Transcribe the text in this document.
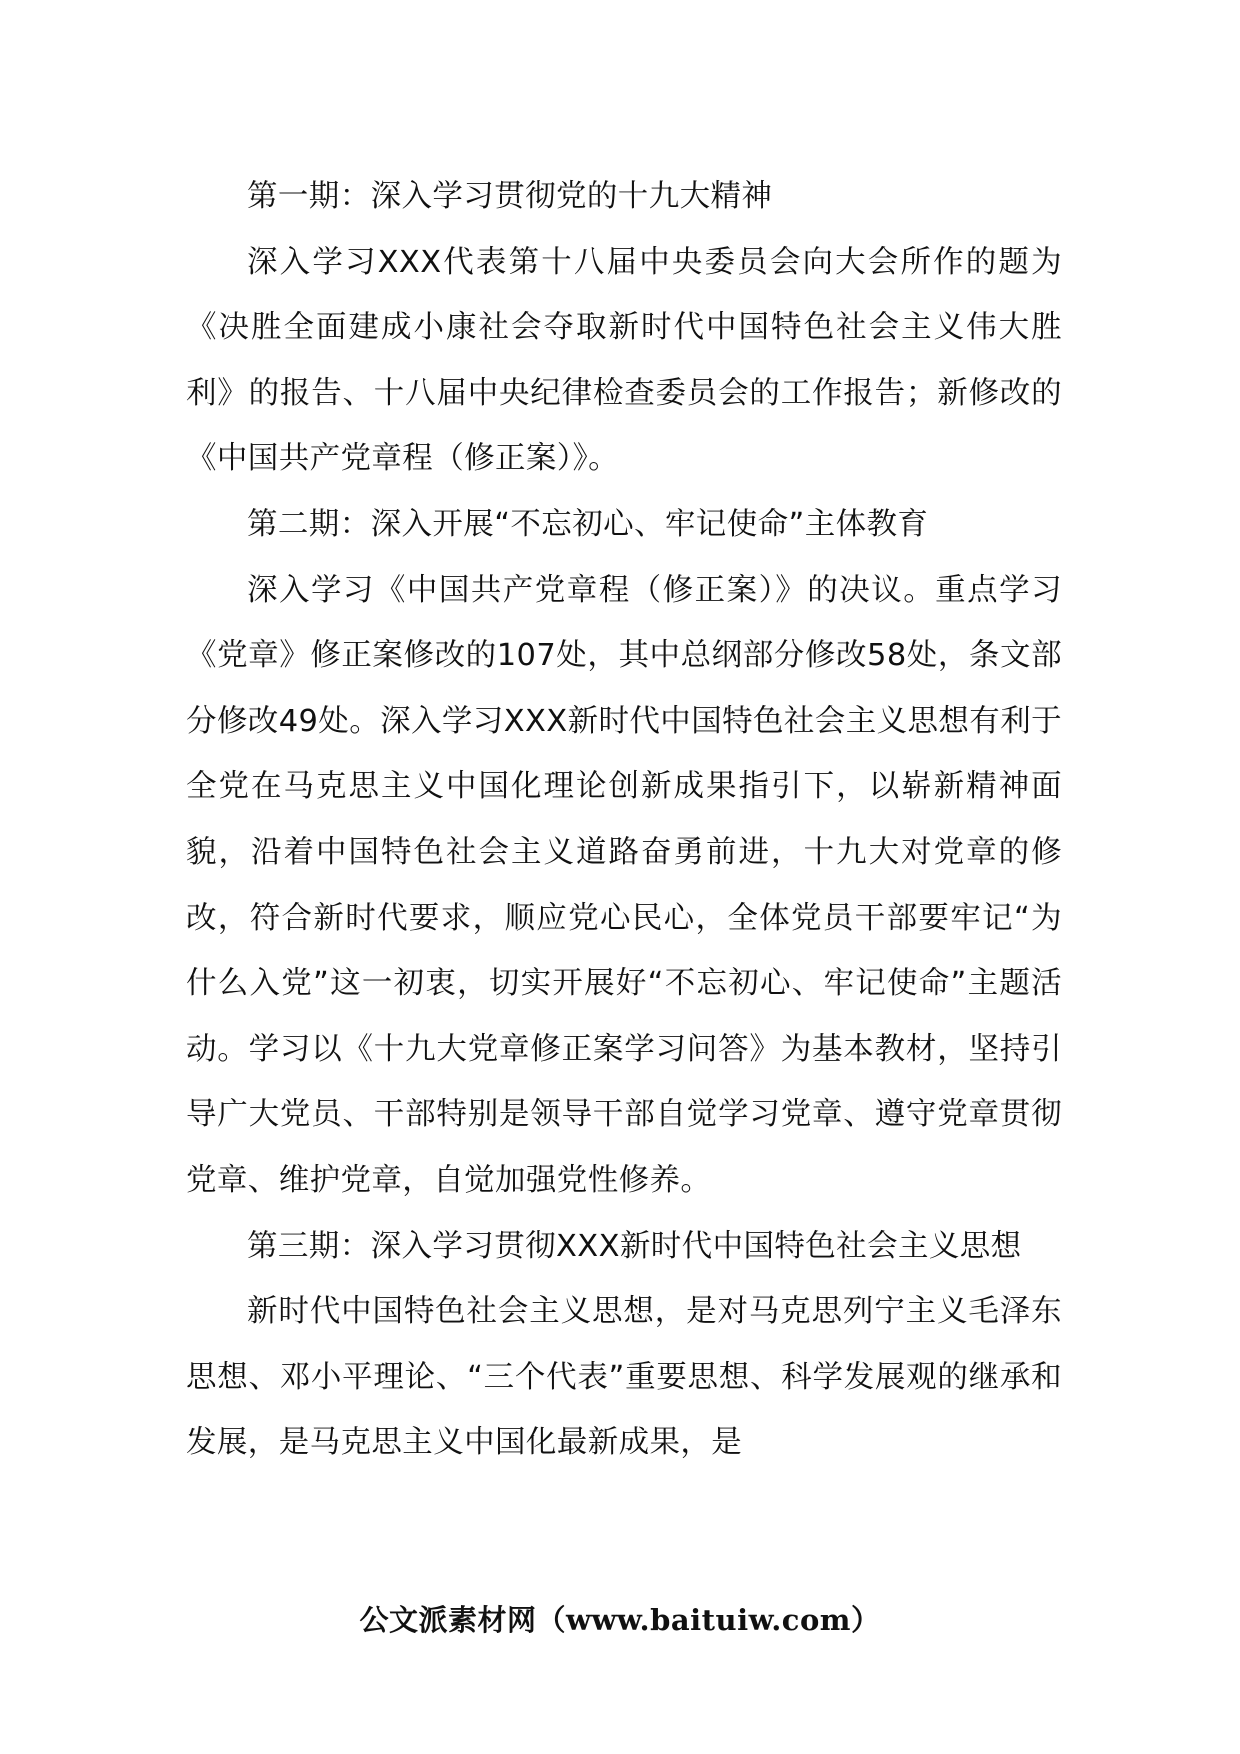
第一期：深入学习贯彻党的十九大精神

深入学习XXX代表第十八届中央委员会向大会所作的题为《决胜全面建成小康社会夺取新时代中国特色社会主义伟大胜利》的报告、十八届中央纪律检查委员会的工作报告；新修改的《中国共产党章程（修正案）》。

第二期：深入开展“不忘初心、牢记使命”主体教育

深入学习《中国共产党章程（修正案）》的决议。重点学习《党章》修正案修改的107处，其中总纲部分修改58处，条文部分修改49处。深入学习XXX新时代中国特色社会主义思想有利于全党在马克思主义中国化理论创新成果指引下，以崭新精神面貌，沿着中国特色社会主义道路奋勇前进，十九大对党章的修改，符合新时代要求，顺应党心民心，全体党员干部要牢记“为什么入党”这一初衷，切实开展好“不忘初心、牢记使命”主题活动。学习以《十九大党章修正案学习问答》为基本教材，坚持引导广大党员、干部特别是领导干部自觉学习党章、遵守党章贯彻党章、维护党章，自觉加强党性修养。

第三期：深入学习贯彻XXX新时代中国特色社会主义思想

新时代中国特色社会主义思想，是对马克思列宁主义毛泽东思想、邓小平理论、“三个代表”重要思想、科学发展观的继承和发展，是马克思主义中国化最新成果，是

公文派素材网（www.baituiw.com）
